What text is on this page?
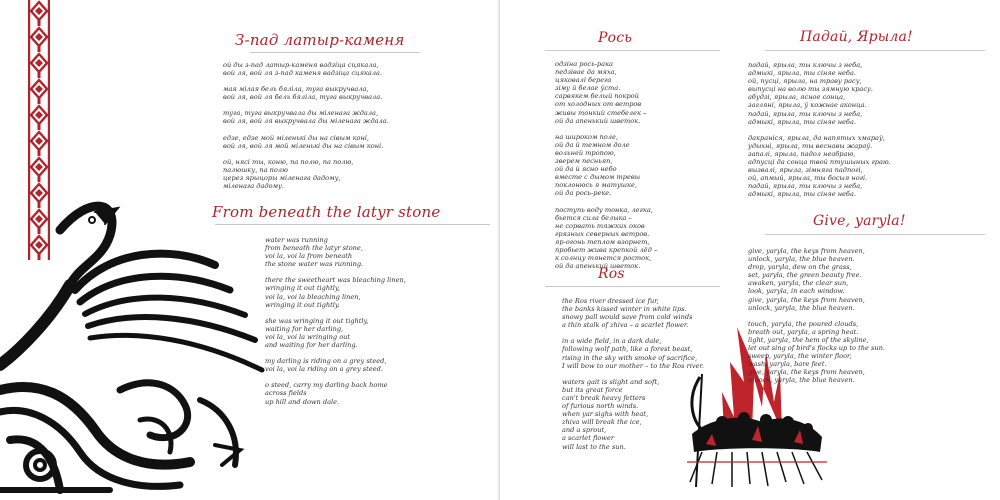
З-пад латыр-каменя
ой ды з-пад латыр-каменя вадзіца сцякала,
вой ля, вой ля з-пад каменя вадзіца сцякала.
мая мілая бель бяліла, туга выкручвала,
вой ля, вой ля бель бяліла, туга выкручвала.
туга, туга выкручвала ды міленага ждала,
вой ля, вой ля выкручвала ды міленага ждала.
едзе, едзе мой міленькі ды на сівым коні,
вой ля, вой ля мой міленькі ды на сівым коні.
ой, нясі ты, коню, па полю, па полю,
палюшку, па полю
церез ярыцоры міленага дадому,
міленага дадому.
From beneath the latyr stone
water was running
from beneath the latyr stone,
voi la, voi la from beneath
the stone water was running.
there the sweetheart was bleaching linen,
wringing it out tightly,
voi la, voi la bleaching linen,
wringing it out tightly.
she was wringing it out tightly,
waiting for her darling,
voi la, voi la wringing out
and waiting for her darling.
my darling is riding on a grey steed,
voi la, voi la riding on a grey steed.
o steed, carry my darling back home
across fields
up hill and down dale.
Рось
одзіна рось-рака
педзівае да мяха,
цяковалі берега
зіму й белае ўста.
сарвякем белый покрой
от холодных от ветров
живы тонкий стебелек –
ой да апенький шветок.
на широком поле,
ой да й темном доле
вольней тропою,
зверем песньяп,
ой да й ясно небо
вместе с дымом тревы
поклонюсь я матушке,
ой да рось-реке.
поступь воду тонка, легка,
бьется сила белыка –
не сорвать тяжких оков
грязных северных ветров.
яр-огонь теплом взорнет,
пробьет жива крепкой лёд –
к солнцу тянется росток,
ой да апенький шветок.
Ros
the Ros river dressed ice fur,
the banks kissed winter in white lips.
snowy pall would save from cold winds
a thin stalk of zhiva – a scarlet flower.
in a wide field, in a dark dale,
following wolf path, like a forest beast,
rising in the sky with smoke of sacrifice,
I will bow to our mother – to the Ros river.
waters gait is slight and soft,
but its great force
can't break heavy fetters
of furious north winds.
when yar sighs with heat,
zhiva will break the ice,
and a sprout,
a scarlet flower
will last to the sun.
Падай, Ярыла!
падай, ярыла, ты ключы з неба,
адмыкі, ярыла, ты сіняе неба.
ой, пусці, ярыла, на траву расу,
выпусці на волю ты зямную красу.
абудзі, ярыла, ясное сонца,
загляні, ярыла, ў кожнае аконца.
падай, ярыла, ты ключы з неба,
адмыкі, ярыла, ты сіняе неба.
дакраніся, ярыла, да напятых хмараў,
удыхні, ярыла, ты веснавы жараў.
запалі, ярыла, падол неабраю,
адпусці да сонца твой птушыных граю.
вызвалі, ярыла, зімняга падпогі,
ой, апмый, ярыла, ты босыя ногі.
падай, ярыла, ты ключы з неба,
адмыкі, ярыла, ты сіняе неба.
Give, yaryla!
give, yaryla, the keys from heaven,
unlock, yaryla, the blue heaven.
drop, yaryla, dew on the grass,
set, yaryla, the green beauty free.
awaken, yaryla, the clear sun,
look, yaryla, in each window.
give, yaryla, the keys from heaven,
unlock, yaryla, the blue heaven.
touch, yaryla, the poured clouds,
breath out, yaryla, a spring heat.
light, yaryla, the hem of the skyline,
let out sing of bird's flocks up to the sun.
sweep, yaryla, the winter floor,
wash, yaryla, bare feet.
give, yaryla, the keys from heaven,
unlock, yaryla, the blue heaven.
